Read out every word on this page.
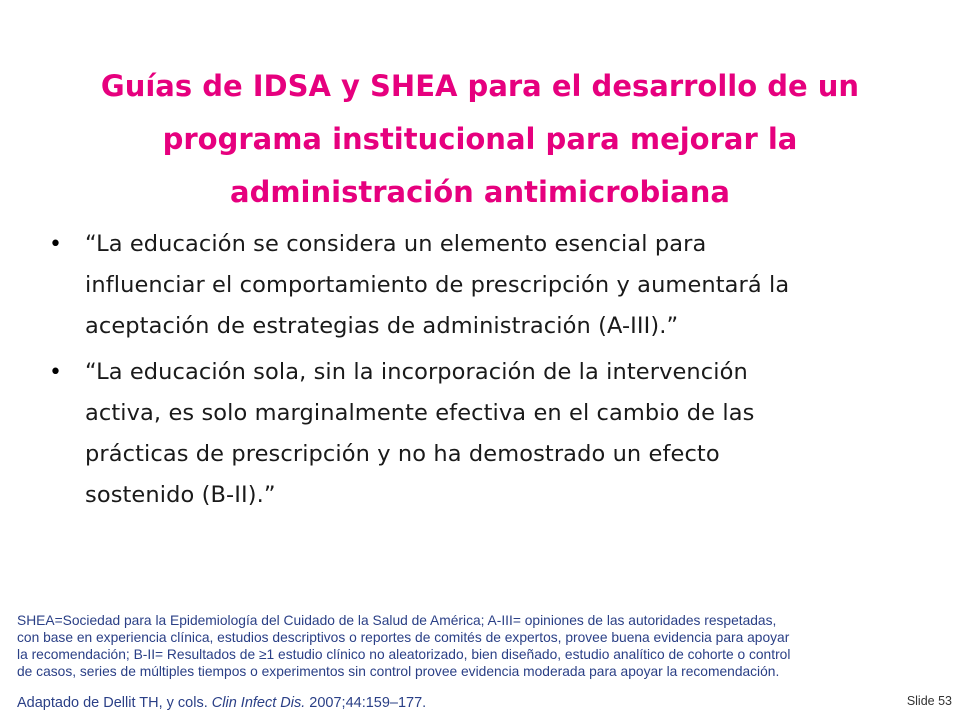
Guías de IDSA y SHEA para el desarrollo de un
programa institucional para mejorar la
administración antimicrobiana
• “La educación se considera un elemento esencial para
influenciar el comportamiento de prescripción y aumentará la
aceptación de estrategias de administración (A-III).”
• “La educación sola, sin la incorporación de la intervención
activa, es solo marginalmente efectiva en el cambio de las
prácticas de prescripción y no ha demostrado un efecto
sostenido (B-II).”

SHEA=Sociedad para la Epidemiología del Cuidado de la Salud de América; A-III= opiniones de las autoridades respetadas,
con base en experiencia clínica, estudios descriptivos o reportes de comités de expertos, provee buena evidencia para apoyar
la recomendación; B-II= Resultados de ≥1 estudio clínico no aleatorizado, bien diseñado, estudio analítico de cohorte o control
de casos, series de múltiples tiempos o experimentos sin control provee evidencia moderada para apoyar la recomendación.

Adaptado de Dellit TH, y cols. Clin Infect Dis. 2007;44:159–177.	Slide 53
